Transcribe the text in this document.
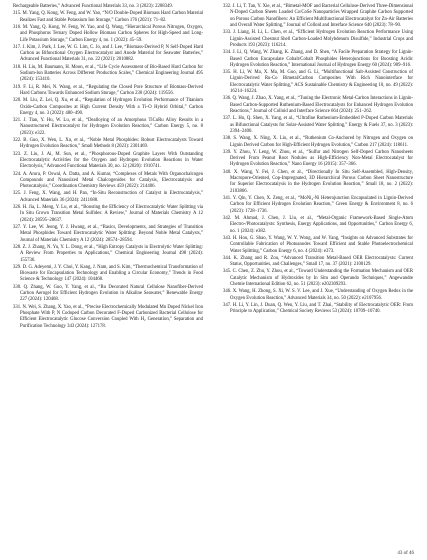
Rechargeable Batteries,” Advanced Functional Materials 33, no. 3 (2023): 2208349.

315. M. Yang, Q. Kong, W. Feng, and W. Yao, “N/O Double-Doped Biomass Hard Carbon Material Realizes Fast and Stable Potassium Ion Storage,” Carbon 176 (2021): 71–82.

316. M. Yang, Q. Kong, W. Feng, W. Yao, and Q. Wang, “Hierarchical Porous Nitrogen, Oxygen, and Phosphorus Ternary Doped Hollow Biomass Carbon Spheres for High-Speed and Long-Life Potassium Storage,” Carbon Energy 4, no. 1 (2022): 45–59.

317. J. Kim, J. Park, J. Lee, W. G. Lim, C. Jo, and J. Lee, “Biomass-Derived P, N Self-Doped Hard Carbon as Bifunctional Oxygen Electrocatalyst and Anode Material for Seawater Batteries,” Advanced Functional Materials 31, no. 22 (2021): 2010882.

318. H. Liu, M. Baumann, H. Moon, et al., “Life Cycle Assessment of Bio-Based Hard Carbon for Sodium-Ion Batteries Across Different Production Scales,” Chemical Engineering Journal 495 (2024): 153410.

319. F. Li, R. Mei, N. Wang, et al., “Regulating the Closed Pore Structure of Biomass-Derived Hard Carbons Towards Enhanced Sodium Storage,” Carbon 230 (2024): 119556.

320. M. Liu, Z. Lei, Q. Xu, et al., “Regulation of Hydrogen Evolution Performance of Titanium Oxide-Carbon Composites at High Current Density With a Ti–O Hybrid Orbital,” Carbon Energy 4, no. 3 (2022): 480–490.

321. J. Tian, Y. Hu, W. Lu, et al., “Dealloying of an Amorphous TiCuRu Alloy Results in a Nanostructured Electrocatalyst for Hydrogen Evolution Reaction,” Carbon Energy 5, no. 8 (2023): e322.

322. B. Guo, X. Wen, L. Xu, et al., “Noble Metal Phosphides: Robust Electrocatalysts Toward Hydrogen Evolution Reaction,” Small Methods 8 (2023): 2301469.

323. Z. Liu, J. Ai, M. Sun, et al., “Phosphorous-Doped Graphite Layers With Outstanding Electrocatalytic Activities for the Oxygen and Hydrogen Evolution Reactions in Water Electrolysis,” Advanced Functional Materials 30, no. 12 (2020): 1910741.

324. A. Arora, P. Oswal, A. Datta, and A. Kumar, “Complexes of Metals With Organochalcogen Compounds and Nanosized Metal Chalcogenides for Catalysis, Electrocatalysis and Photocatalysis,” Coordination Chemistry Reviews 459 (2022): 214406.

325. J. Feng, X. Wang, and H. Pan, “In-Situ Reconstruction of Catalyst in Electrocatalysis,” Advanced Materials 36 (2024): 2411688.

326. H. Jia, L. Meng, Y. Lu, et al., “Boosting the Efficiency of Electrocatalytic Water Splitting via In Situ Grown Transition Metal Sulfides: A Review,” Journal of Materials Chemistry A 12 (2024): 28595–28637.

327. Y. Lee, W. Jeong, Y. J. Hwang, et al., “Basics, Developments, and Strategies of Transition Metal Phosphides Toward Electrocatalytic Water Splitting: Beyond Noble Metal Catalysts,” Journal of Materials Chemistry A 12 (2024): 28574–28594.

328. Z. J. Zhang, N. Yu, Y. L. Dong, et al., “High Entropy Catalysts in Electrolytic Water Splitting: A Review From Properties to Applications,” Chemical Engineering Journal 498 (2024): 155736.

329. D. G. Adeyemi, J. Y. Choi, Y. Kang, J. Nam, and S. Kim, “Thermochemical Transformation of Biowaste for Encapsulation Technology and Enabling a Circular Economy,” Trends in Food Science & Technology 147 (2024): 104468.

330. Q. Zhang, W. Guo, Y. Yang, et al., “Ru Decorated Natural Cellulose Nanofiber-Derived Carbon Aerogel for Efficient Hydrogen Evolution in Alkaline Seawater,” Renewable Energy 227 (2024): 120468.

331. N. Wei, S. Zhang, X. Yao, et al., “Precise Electrochemically Modulated Mn Doped Nickel Iron Phosphate With P, N Codoped Carbon Decorated F-Doped Carbonized Bacterial Cellulose for Efficient Electrocatalytic Glucose Conversion Coupled With H₂ Generation,” Separation and Purification Technology 343 (2024): 127178.

332. J. Li, T. Tan, Y. Xie, et al., “Bimetal-MOF and Bacterial Cellulose-Derived Three-Dimensional N-Doped Carbon Sheets Loaded Co/CoSe Nanoparticles Wrapped Graphite Carbon Supported on Porous Carbon Nanofibers: An Efficient Multifunctional Electrocatalyst for Zn-Air Batteries and Overall Water Splitting,” Journal of Colloid and Interface Science 640 (2023): 78–90.

333. J. Liang, H. Li, L. Chen, et al., “Efficient Hydrogen Evolution Reaction Performance Using Lignin-Assisted Chestnut Shell Carbon-Loaded Molybdenum Disulfide,” Industrial Crops and Products 193 (2023): 116214.

334. J. Li, Q. Wang, W. Zhang, K. Zhang, and D. Shen, “A Facile Preparation Strategy for Lignin-Based Carbon Encapsulate Cobalt/Cobalt Phosphides Heterojunctions for Boosting Acidic Hydrogen Evolution Reaction,” International Journal of Hydrogen Energy 60 (2024): 909–916.

335. H. Li, W. Ma, X. Ma, M. Guo, and G. Li, “Multifunctional Salt-Assisted Construction of Lignin-Derived Ru-Co Bimetal/Carbon Composites With Rich Nanointerface for Electrocatalytic Water Splitting,” ACS Sustainable Chemistry & Engineering 10, no. 49 (2022): 16214–16224.

336. Q. Wang, J. Zhao, X. Yang, et al., “Tuning the Electronic Metal-Carbon Interactions in Lignin-Based Carbon-Supported Ruthenium-Based Electrocatalysts for Enhanced Hydrogen Evolution Reactions,” Journal of Colloid and Interface Science 664 (2024): 251–262.

337. L. Hu, Q. Shen, X. Yang, et al., “Ultrafine Ruthenium-Embedded P-Doped Carbon Materials as Bifunctional Catalysts for Solar-Assisted Water Splitting,” Energy & Fuels 37, no. 3 (2023): 2394–2400.

338. S. Wang, X. Ning, X. Liu, et al., “Ruthenium Co-Anchored by Nitrogen and Oxygen on Lignin Derived Carbon for High-Efficient Hydrogen Evolution,” Carbon 217 (2024): 118611.

339. Y. Zhou, Y. Leng, W. Zhou, et al., “Sulfur and Nitrogen Self-Doped Carbon Nanosheets Derived From Peanut Root Nodules as High-Efficiency Non-Metal Electrocatalyst for Hydrogen Evolution Reaction,” Nano Energy 16 (2015): 357–366.

340. X. Wang, Y. Fei, J. Chen, et al., “Directionally In Situ Self-Assembled, High-Density, Macropore-Oriented, Cop-Impregnated, 3D Hierarchical Porous Carbon Sheet Nanostructure for Superior Electrocatalysis in the Hydrogen Evolution Reaction,” Small 18, no. 2 (2022): 2103866.

341. Y. Qin, Y. Chen, X. Zeng, et al., “MoNi₄-Ni Heterojunction Encapsulated in Lignin-Derived Carbon for Efficient Hydrogen Evolution Reaction,” Green Energy & Environment 8, no. 6 (2023): 1728–1736.

342. M. Ahmad, J. Chen, J. Liu, et al., “Metal-Organic Framework-Based Single-Atom Electro-/Photocatalysts: Synthesis, Energy Applications, and Opportunities,” Carbon Energy 6, no. 1 (2024): e382.

343. H. Hou, G. Shao, Y. Wang, W. Y. Wong, and W. Yang, “Insights on Advanced Substrates for Controllable Fabrication of Photoanodes Toward Efficient and Stable Photoelectrochemical Water Splitting,” Carbon Energy 6, no. 4 (2024): e373.

344. K. Zhang and R. Zou, “Advanced Transition Metal-Based OER Electrocatalysts: Current Status, Opportunities, and Challenges,” Small 17, no. 37 (2021): 2100129.

345. C. Chen, Z. Zhu, Y. Zhou, et al., “Toward Understanding the Formation Mechanism and OER Catalytic Mechanism of Hydroxides by In Situ and Operando Techniques,” Angewandte Chemie International Edition 62, no. 51 (2023): e202309293.

346. X. Wang, H. Zhong, S. Xi, W. S. V. Lee, and J. Xue, “Understanding of Oxygen Redox in the Oxygen Evolution Reaction,” Advanced Materials 34, no. 50 (2022): e2107956.

347. H. Li, Y. Lin, J. Duan, Q. Wen, Y. Liu, and T. Zhai, “Stability of Electrocatalytic OER: From Principle to Application,” Chemical Society Reviews 53 (2024): 10709–10740.

43 of 46
